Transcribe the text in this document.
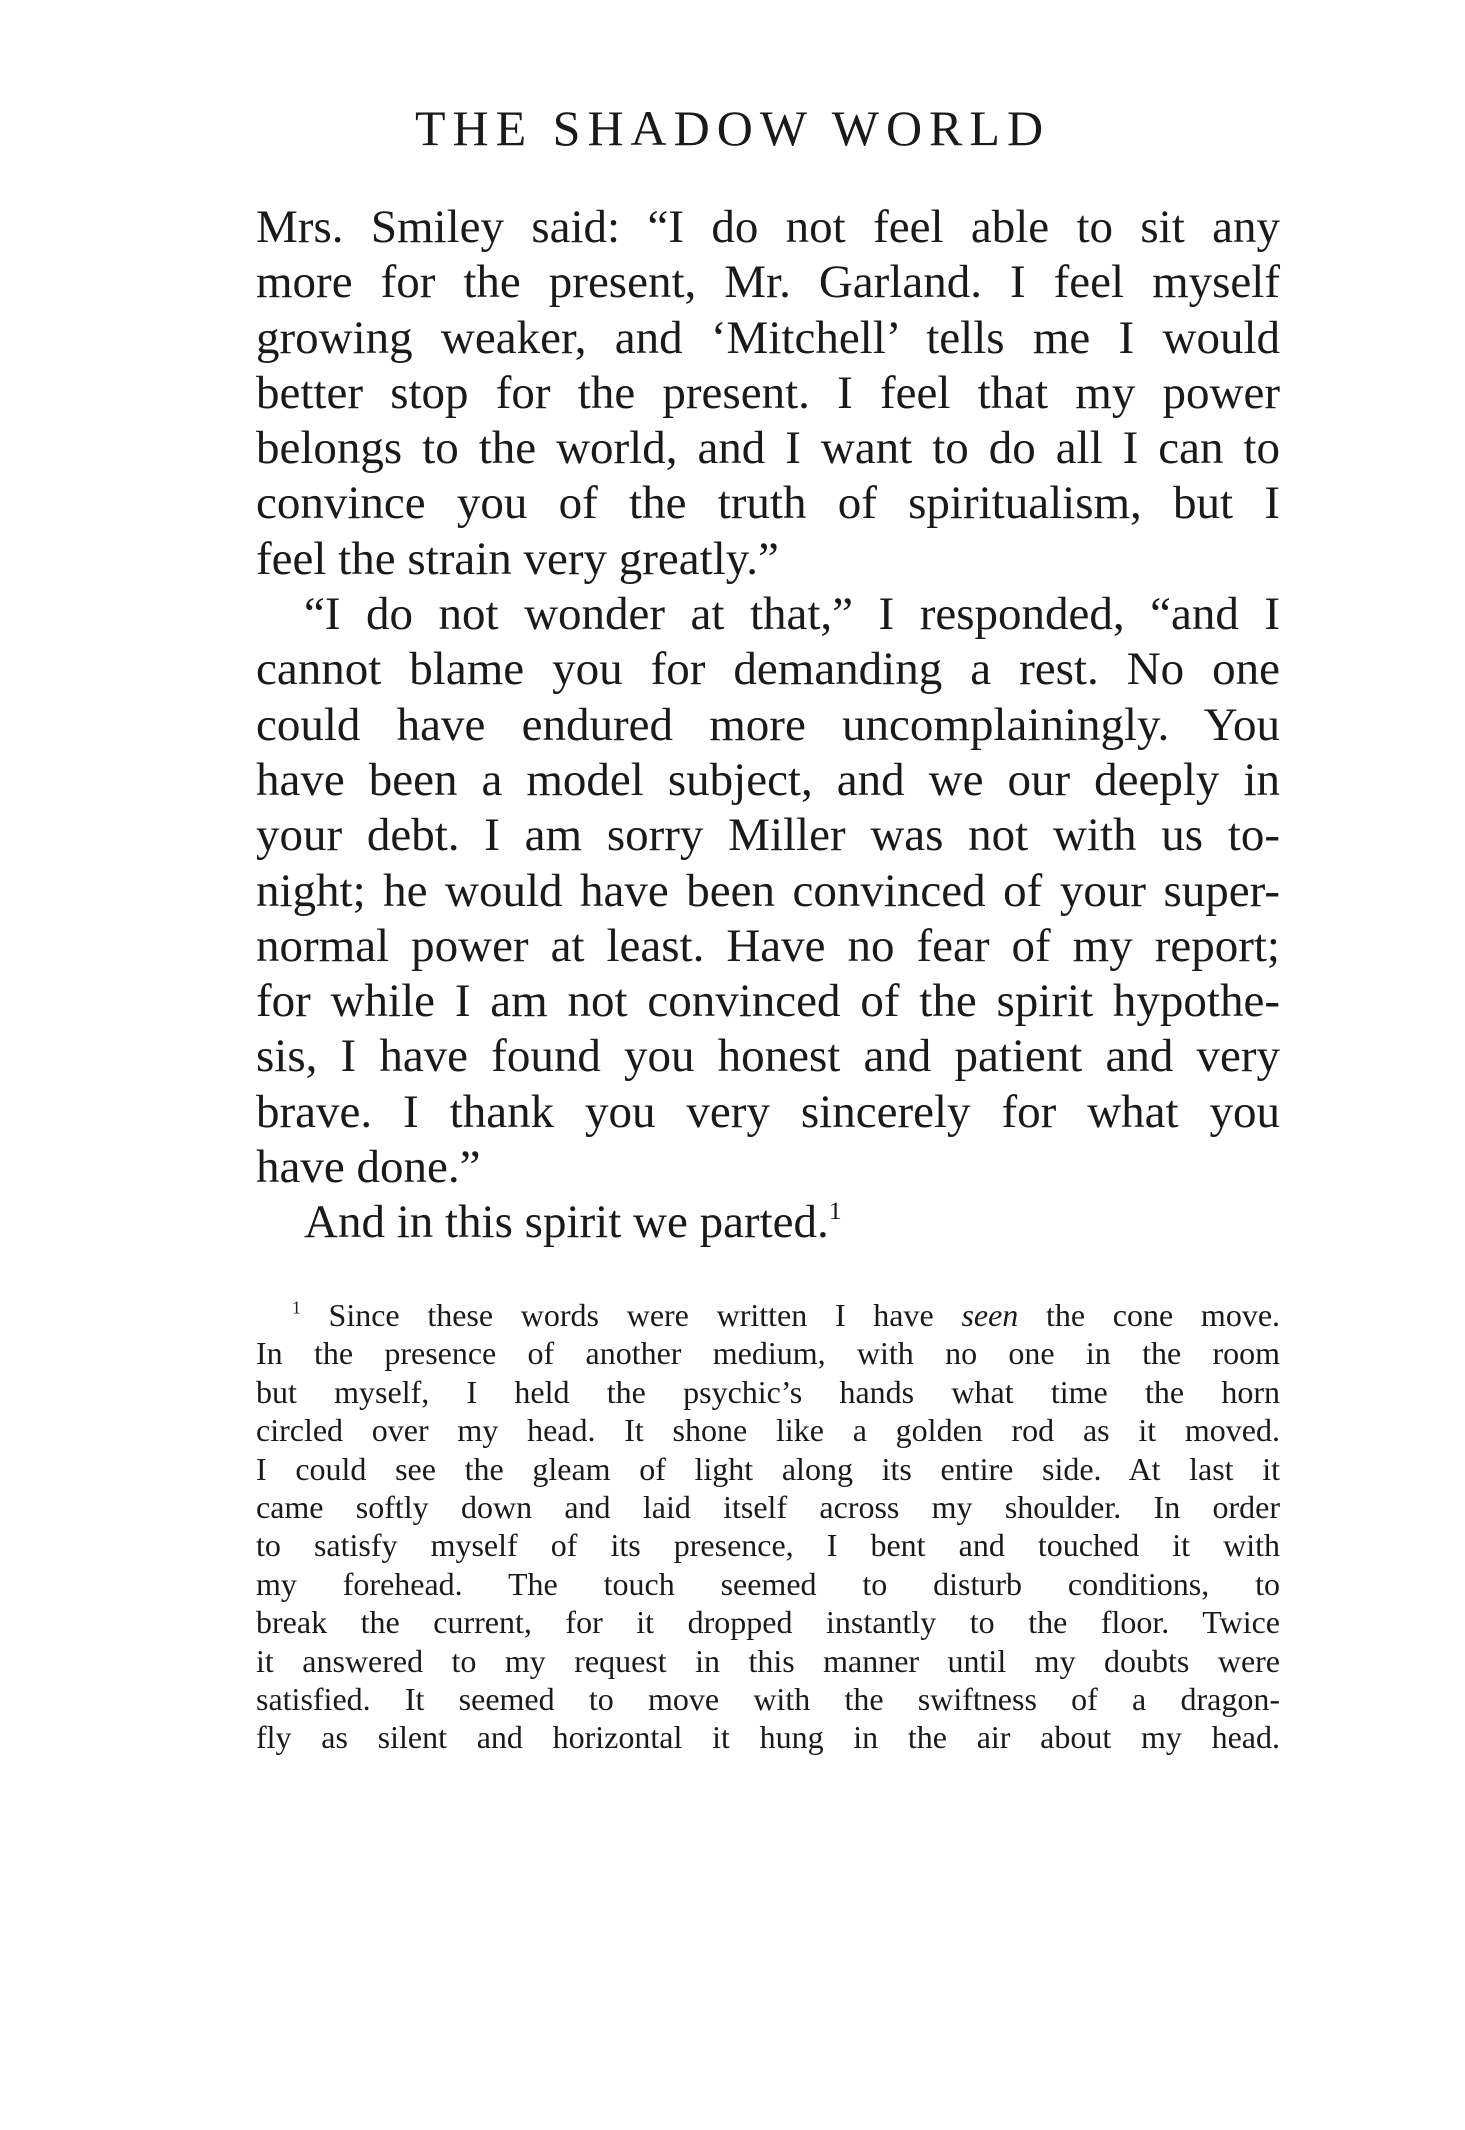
THE SHADOW WORLD
Mrs. Smiley said: “I do not feel able to sit any
more for the present, Mr. Garland. I feel myself
growing weaker, and ‘Mitchell’ tells me I would
better stop for the present. I feel that my power
belongs to the world, and I want to do all I can to
convince you of the truth of spiritualism, but I
feel the strain very greatly.”
“I do not wonder at that,” I responded, “and I
cannot blame you for demanding a rest. No one
could have endured more uncomplainingly. You
have been a model subject, and we our deeply in
your debt. I am sorry Miller was not with us to-
night; he would have been convinced of your super-
normal power at least. Have no fear of my report;
for while I am not convinced of the spirit hypothe-
sis, I have found you honest and patient and very
brave. I thank you very sincerely for what you
have done.”
And in this spirit we parted.$^1$
$^1$ Since these words were written I have seen the cone move.
In the presence of another medium, with no one in the room
but myself, I held the psychic’s hands what time the horn
circled over my head. It shone like a golden rod as it moved.
I could see the gleam of light along its entire side. At last it
came softly down and laid itself across my shoulder. In order
to satisfy myself of its presence, I bent and touched it with
my forehead. The touch seemed to disturb conditions, to
break the current, for it dropped instantly to the floor. Twice
it answered to my request in this manner until my doubts were
satisfied. It seemed to move with the swiftness of a dragon-
fly as silent and horizontal it hung in the air about my head.
